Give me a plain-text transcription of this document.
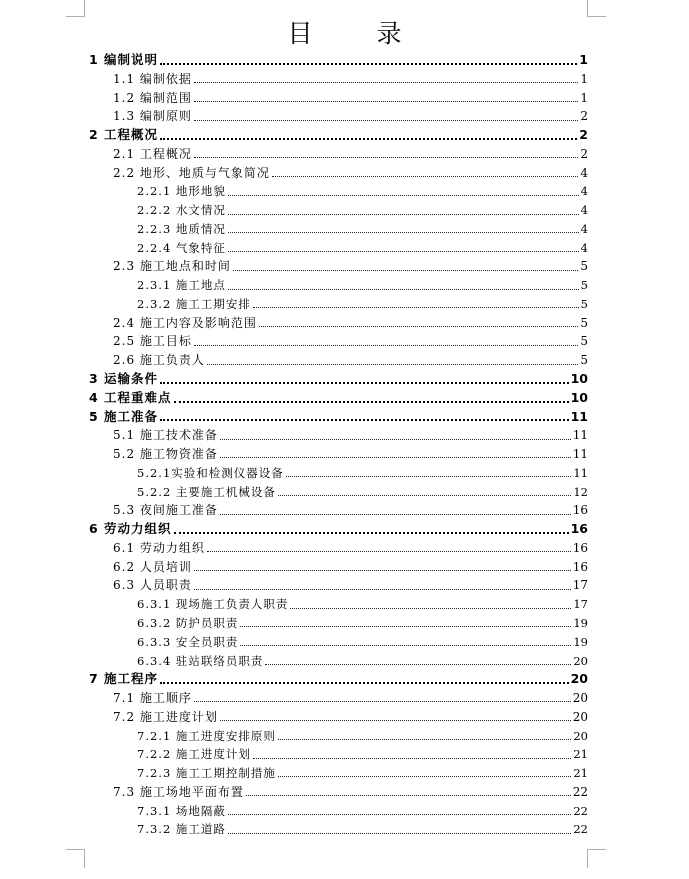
目 录
1 编制说明	1
1.1 编制依据	1
1.2 编制范围	1
1.3 编制原则	2
2 工程概况	2
2.1 工程概况	2
2.2 地形、地质与气象简况	4
2.2.1 地形地貌	4
2.2.2 水文情况	4
2.2.3 地质情况	4
2.2.4 气象特征	4
2.3 施工地点和时间	5
2.3.1 施工地点	5
2.3.2 施工工期安排	5
2.4 施工内容及影响范围	5
2.5 施工目标	5
2.6 施工负责人	5
3 运输条件	10
4 工程重难点	10
5 施工准备	11
5.1 施工技术准备	11
5.2 施工物资准备	11
5.2.1实验和检测仪器设备	11
5.2.2 主要施工机械设备	12
5.3 夜间施工准备	16
6 劳动力组织	16
6.1 劳动力组织	16
6.2 人员培训	16
6.3 人员职责	17
6.3.1 现场施工负责人职责	17
6.3.2 防护员职责	19
6.3.3 安全员职责	19
6.3.4 驻站联络员职责	20
7 施工程序	20
7.1 施工顺序	20
7.2 施工进度计划	20
7.2.1 施工进度安排原则	20
7.2.2 施工进度计划	21
7.2.3 施工工期控制措施	21
7.3 施工场地平面布置	22
7.3.1 场地隔蔽	22
7.3.2 施工道路	22
